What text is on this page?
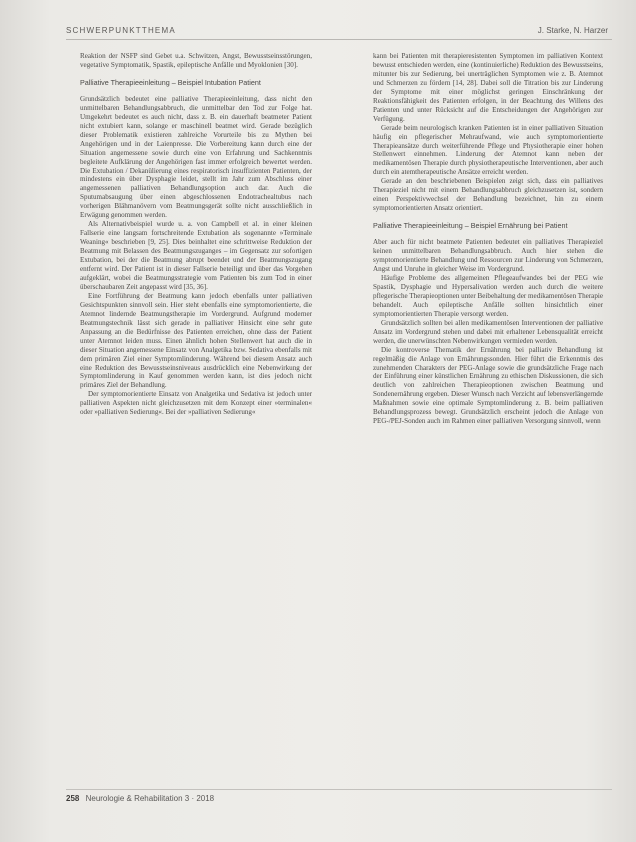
SCHWERPUNKTTHEMA	J. Starke, N. Harzer

Reaktion der NSFP sind Gebet u.a. Schwitzen, Angst, Bewusstseinsstörungen, vegetative Symptomatik, Spastik, epileptische Anfälle und Myoklonien [30].

Palliative Therapieeinleitung – Beispiel Intubation Patient

Grundsätzlich bedeutet eine palliative Therapieeinleitung, dass nicht den unmittelbaren Behandlungsabbruch, die unmittelbar den Tod zur Folge hat. Umgekehrt bedeutet es auch nicht, dass z. B. ein dauerhaft beatmeter Patient nicht extubiert kann, solange er maschinell beatmet wird. Gerade bezüglich dieser Problematik existieren zahlreiche Vorurteile bis zu Mythen bei Angehörigen und in der Laienpresse. Die Vorbereitung kann durch eine der Situation angemessene sowie durch eine von Erfahrung und Sachkenntnis begleitete Aufklärung der Angehörigen fast immer erfolgreich bewertet werden. Die Extubation / Dekanülierung eines respiratorisch insuffizienten Patienten, der mindestens ein über Dysphagie leidet, stellt im Jahr zum Abschluss einer angemessenen palliativen Behandlungsoption auch dar. Auch die Sputumabsaugung über einen abgeschlossenen Endotrachealtubus nach vorherigen Blähmanövern vom Beatmungsgerät sollte nicht ausschließlich in Erwägung genommen werden.

Als Alternativbeispiel wurde u. a. von Campbell et al. in einer kleinen Fallserie eine langsam fortschreitende Extubation als sogenannte »Terminale Weaning« beschrieben [9, 25]. Dies beinhaltet eine schrittweise Reduktion der Beatmung mit Belassen des Beatmungszuganges – im Gegensatz zur sofortigen Extubation, bei der die Beatmung abrupt beendet und der Beatmungszugang entfernt wird. Der Patient ist in dieser Fallserie beteiligt und über das Vorgehen aufgeklärt, wobei die Beatmungsstrategie vom Patienten bis zum Tod in einer überschaubaren Zeit angepasst wird [35, 36].

Eine Fortführung der Beatmung kann jedoch ebenfalls unter palliativen Gesichtspunkten sinnvoll sein. Hier steht ebenfalls eine symptomorientierte, die Atemnot lindernde Beatmungstherapie im Vordergrund. Aufgrund moderner Beatmungstechnik lässt sich gerade in palliativer Hinsicht eine sehr gute Anpassung an die Bedürfnisse des Patienten erreichen, ohne dass der Patient unter Atemnot leiden muss. Einen ähnlich hohen Stellenwert hat auch die in dieser Situation angemessene Einsatz von Analgetika bzw. Sedativa ebenfalls mit dem primären Ziel einer Symptomlinderung. Während bei diesem Ansatz auch eine Reduktion des Bewusstseinsniveaus ausdrücklich eine Nebenwirkung der Symptomlinderung in Kauf genommen werden kann, ist dies jedoch nicht primäres Ziel der Behandlung.

Der symptomorientierte Einsatz von Analgetika und Sedativa ist jedoch unter palliativen Aspekten nicht gleichzusetzen mit dem Konzept einer »terminalen« oder »palliativen Sedierung«. Bei der »palliativen Sedierung«

kann bei Patienten mit therapieresistenten Symptomen im palliativen Kontext bewusst entschieden werden, eine (kontinuierliche) Reduktion des Bewusstseins, mitunter bis zur Sedierung, bei unerträglichen Symptomen wie z. B. Atemnot und Schmerzen zu fördern [14, 28]. Dabei soll die Titration bis zur Linderung der Symptome mit einer möglichst geringen Einschränkung der Reaktionsfähigkeit des Patienten erfolgen, in der Beachtung des Willens des Patienten und unter Rücksicht auf die Entscheidungen der Angehörigen zur Verfügung.

Gerade beim neurologisch kranken Patienten ist in einer palliativen Situation häufig ein pflegerischer Mehraufwand, wie auch symptomorientierte Therapieansätze durch weiterführende Pflege und Physiotherapie einer hohen Stellenwert einnehmen. Linderung der Atemnot kann neben der medikamentösen Therapie durch physiotherapeutische Interventionen, aber auch durch ein atemtherapeutische Ansätze erreicht werden.

Gerade an den beschriebenen Beispielen zeigt sich, dass ein palliatives Therapieziel nicht mit einem Behandlungsabbruch gleichzusetzen ist, sondern einen Perspektivwechsel der Behandlung bezeichnet, hin zu einem symptomorientierten Ansatz orientiert.

Palliative Therapieeinleitung – Beispiel Ernährung bei Patient

Aber auch für nicht beatmete Patienten bedeutet ein palliatives Therapieziel keinen unmittelbaren Behandlungsabbruch. Auch hier stehen die symptomorientierte Behandlung und Ressourcen zur Linderung von Schmerzen, Angst und Unruhe in gleicher Weise im Vordergrund.

Häufige Probleme des allgemeinen Pflegeaufwandes bei der PEG wie Spastik, Dysphagie und Hypersalivation werden auch durch die weitere pflegerische Therapieoptionen unter Beibehaltung der medikamentösen Therapie behandelt. Auch epileptische Anfälle sollten hinsichtlich einer symptomorientierten Therapie versorgt werden.

Grundsätzlich sollten bei allen medikamentösen Interventionen der palliative Ansatz im Vordergrund stehen und dabei mit erhaltener Lebensqualität erreicht werden, die unerwünschten Nebenwirkungen vermieden werden.

Die kontroverse Thematik der Ernährung bei palliativ Behandlung ist regelmäßig die Anlage von Ernährungssonden. Hier führt die Erkenntnis des zunehmenden Charakters der PEG-Anlage sowie die grundsätzliche Frage nach der Einführung einer künstlichen Ernährung zu ethischen Diskussionen, die sich deutlich von zahlreichen Therapieoptionen zwischen Beatmung und Sondenernährung ergeben. Dieser Wunsch nach Verzicht auf lebensverlängernde Maßnahmen sowie eine optimale Symptomlinderung z. B. beim palliativen Behandlungsprozess bewegt. Grundsätzlich erscheint jedoch die Anlage von PEG-/PEJ-Sonden auch im Rahmen einer palliativen Versorgung sinnvoll, wenn

258 Neurologie & Rehabilitation 3 · 2018
